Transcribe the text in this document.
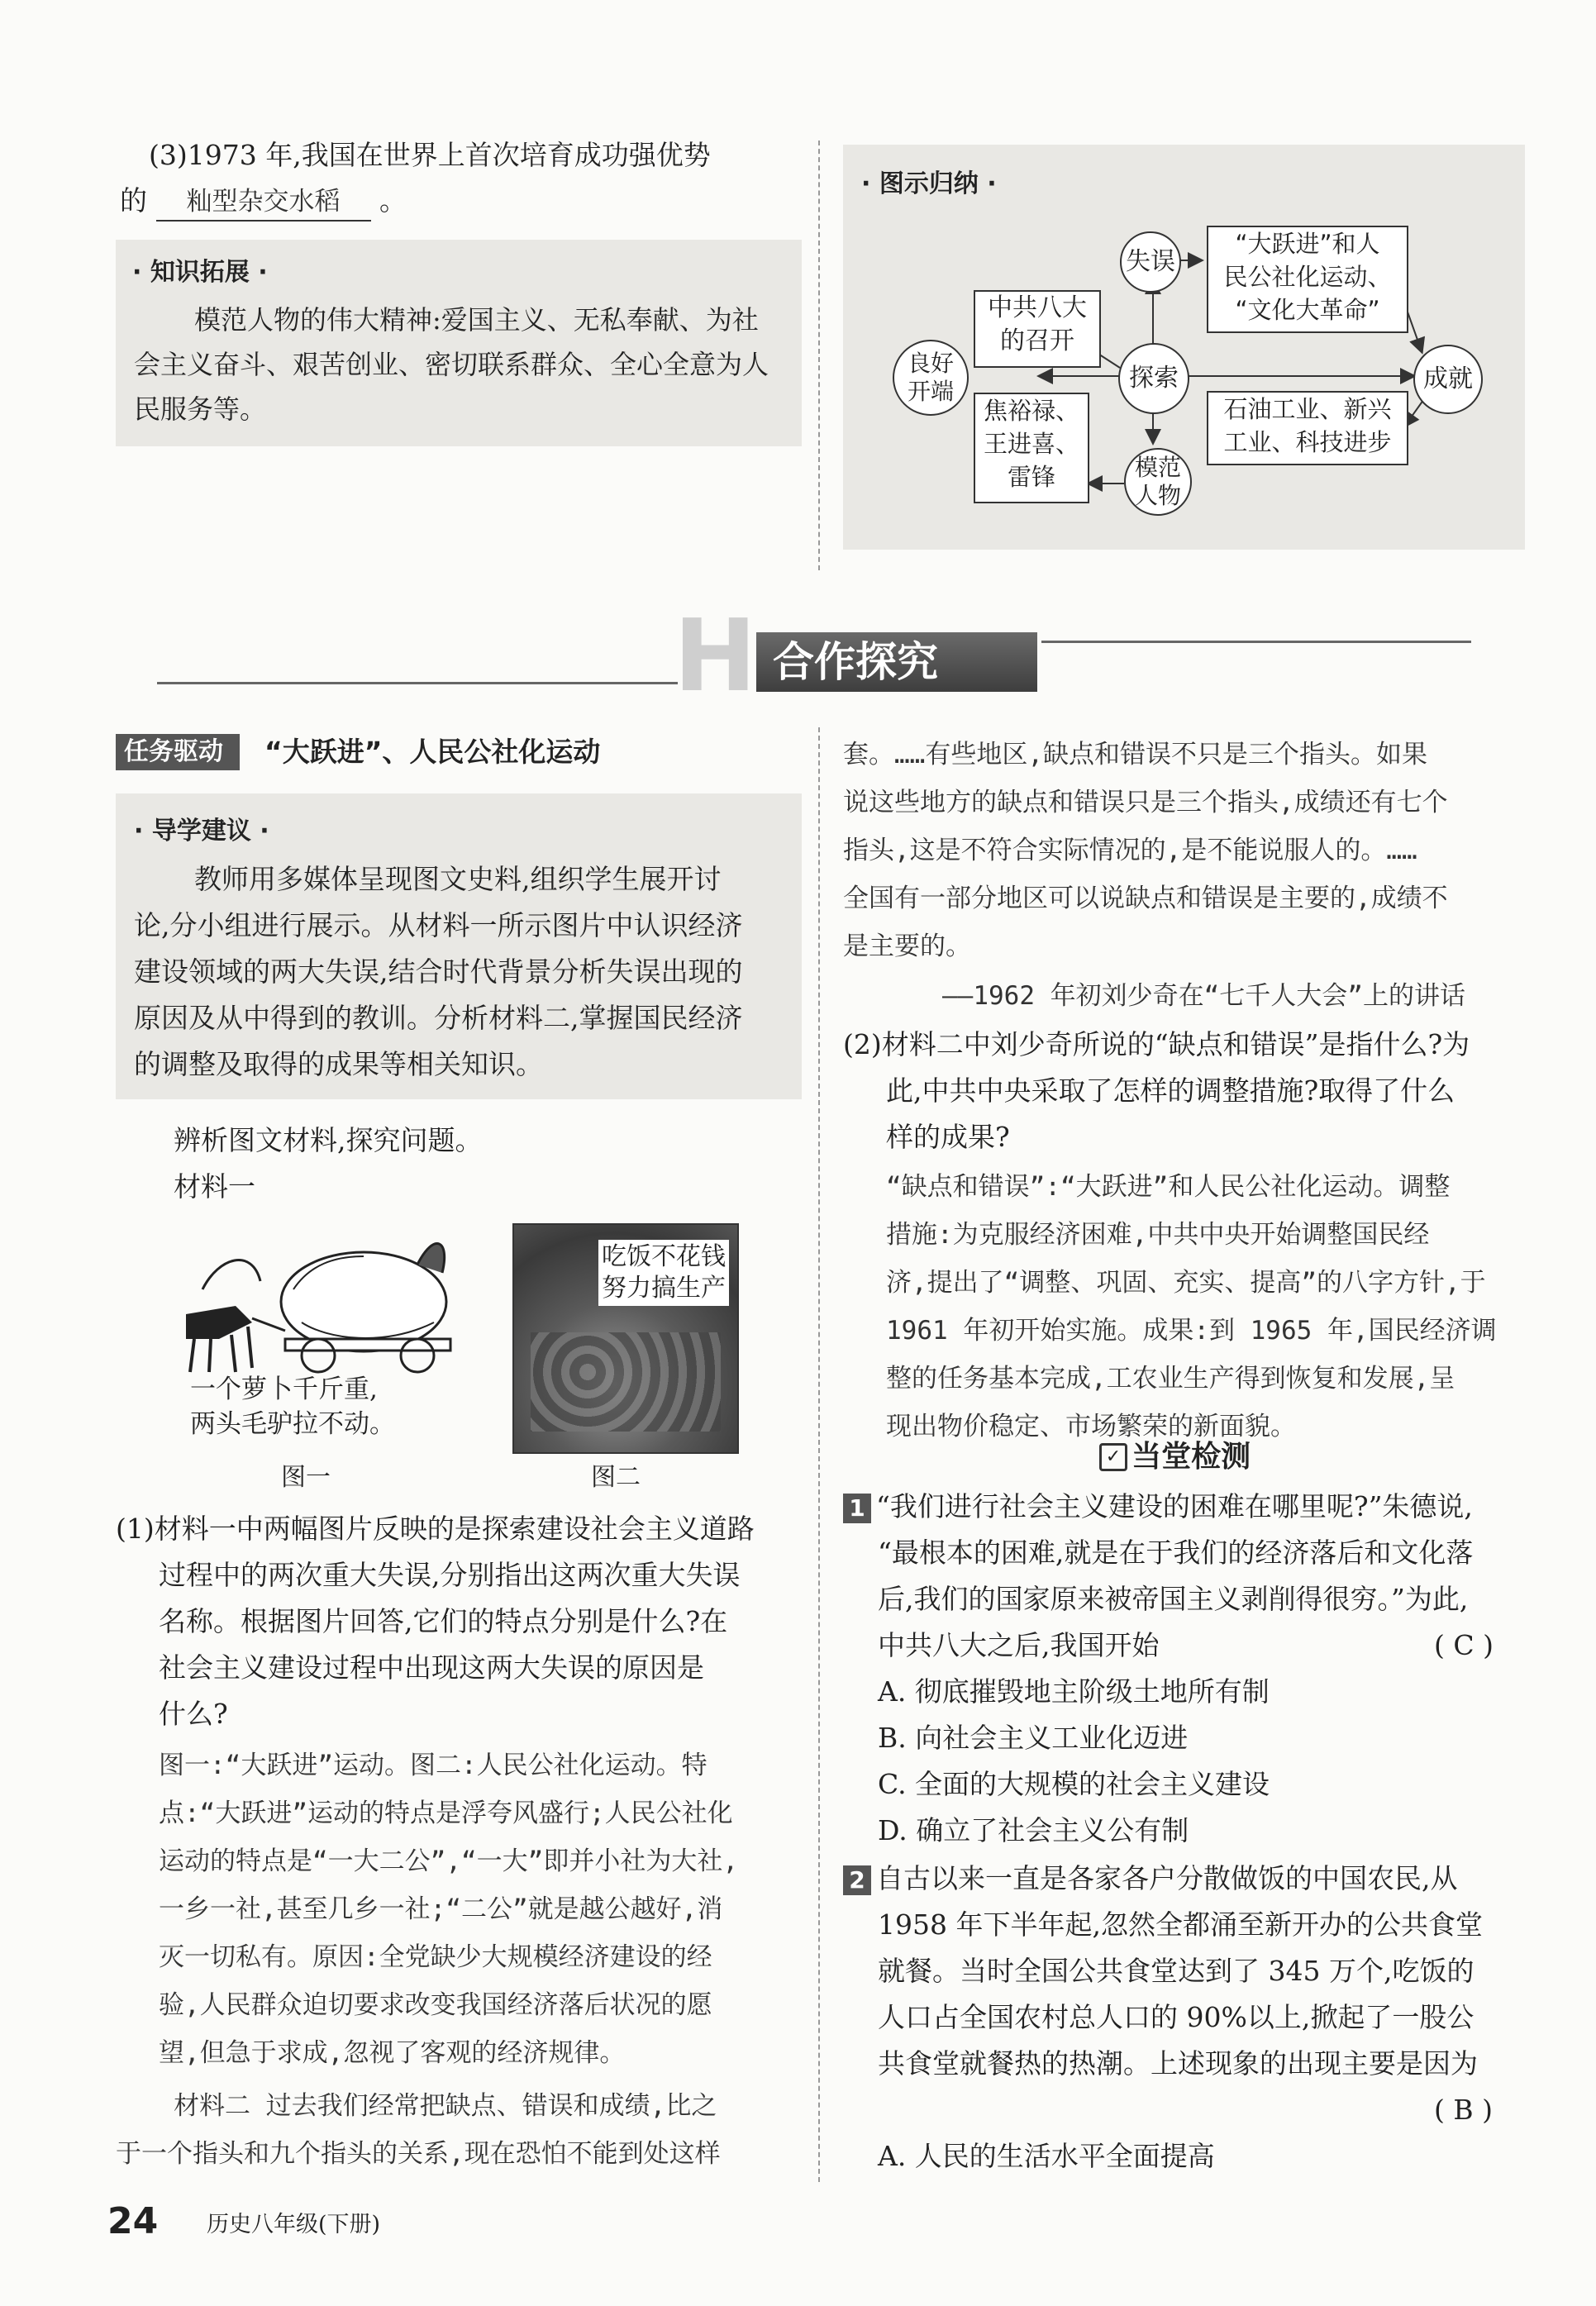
(3)1973 年,我国在世界上首次培育成功强优势
的 籼型杂交水稻 。
· 知识拓展 ·
模范人物的伟大精神:爱国主义、无私奉献、为社
会主义奋斗、艰苦创业、密切联系群众、全心全意为人
民服务等。
· 图示归纳 ·
良好
开端
中共八大
的召开
失误
“大跃进”和人
民公社化运动、
“文化大革命”
探索	成就
石油工业、新兴
工业、科技进步
模范
人物
焦裕禄、
王进喜、
雷锋
H 合作探究
任务驱动	“大跃进”、人民公社化运动
· 导学建议 ·
教师用多媒体呈现图文史料,组织学生展开讨
论,分小组进行展示。从材料一所示图片中认识经济
建设领域的两大失误,结合时代背景分析失误出现的
原因及从中得到的教训。分析材料二,掌握国民经济
的调整及取得的成果等相关知识。
辨析图文材料,探究问题。
材料一
一个萝卜千斤重,
两头毛驴拉不动。
图一
吃饭不花钱
努力搞生产
图二
(1)材料一中两幅图片反映的是探索建设社会主义道路
过程中的两次重大失误,分别指出这两次重大失误
名称。根据图片回答,它们的特点分别是什么?在
社会主义建设过程中出现这两大失误的原因是
什么?
图一:“大跃进”运动。图二:人民公社化运动。特
点:“大跃进”运动的特点是浮夸风盛行;人民公社化
运动的特点是“一大二公”,“一大”即并小社为大社,
一乡一社,甚至几乡一社;“二公”就是越公越好,消
灭一切私有。原因:全党缺少大规模经济建设的经
验,人民群众迫切要求改变我国经济落后状况的愿
望,但急于求成,忽视了客观的经济规律。
材料二 过去我们经常把缺点、错误和成绩,比之
于一个指头和九个指头的关系,现在恐怕不能到处这样
套。……有些地区,缺点和错误不只是三个指头。如果
说这些地方的缺点和错误只是三个指头,成绩还有七个
指头,这是不符合实际情况的,是不能说服人的。……
全国有一部分地区可以说缺点和错误是主要的,成绩不
是主要的。
——1962 年初刘少奇在“七千人大会”上的讲话
(2)材料二中刘少奇所说的“缺点和错误”是指什么?为
此,中共中央采取了怎样的调整措施?取得了什么
样的成果?
“缺点和错误”:“大跃进”和人民公社化运动。调整
措施:为克服经济困难,中共中央开始调整国民经
济,提出了“调整、巩固、充实、提高”的八字方针,于
1961 年初开始实施。成果:到 1965 年,国民经济调
整的任务基本完成,工农业生产得到恢复和发展,呈
现出物价稳定、市场繁荣的新面貌。
✓ 当堂检测
1 “我们进行社会主义建设的困难在哪里呢?”朱德说,
“最根本的困难,就是在于我们的经济落后和文化落
后,我们的国家原来被帝国主义剥削得很穷。”为此,
中共八大之后,我国开始	( C )
A. 彻底摧毁地主阶级土地所有制
B. 向社会主义工业化迈进
C. 全面的大规模的社会主义建设
D. 确立了社会主义公有制
2 自古以来一直是各家各户分散做饭的中国农民,从
1958 年下半年起,忽然全都涌至新开办的公共食堂
就餐。当时全国公共食堂达到了 345 万个,吃饭的
人口占全国农村总人口的 90%以上,掀起了一股公
共食堂就餐热的热潮。上述现象的出现主要是因为
( B )
A. 人民的生活水平全面提高
24 历史八年级(下册)
